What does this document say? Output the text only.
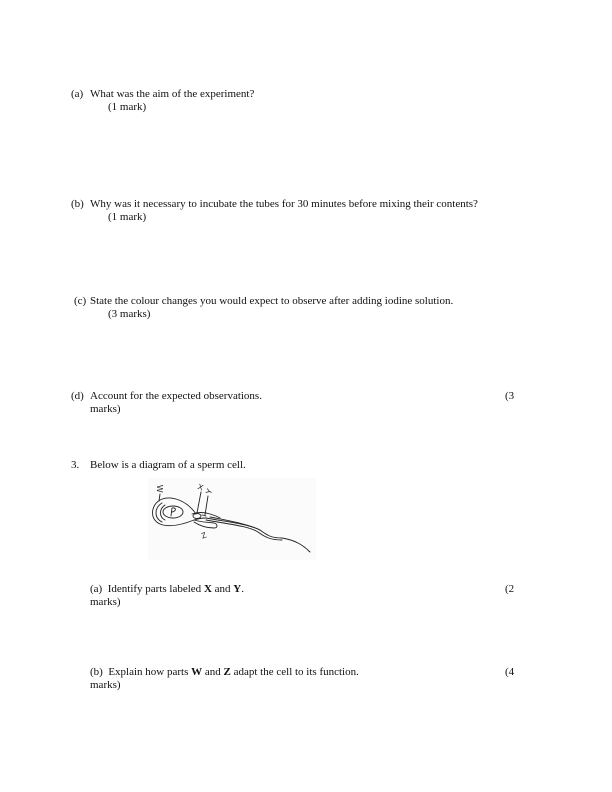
(a) What was the aim of the experiment?
(1 mark)
(b) Why was it necessary to incubate the tubes for 30 minutes before mixing their contents?
(1 mark)
(c) State the colour changes you would expect to observe after adding iodine solution.
(3 marks)
(d) Account for the expected observations.	(3
marks)
3. Below is a diagram of a sperm cell.
W	X Y
Z
(a) Identify parts labeled X and Y.	(2
marks)
(b) Explain how parts W and Z adapt the cell to its function.	(4
marks)
